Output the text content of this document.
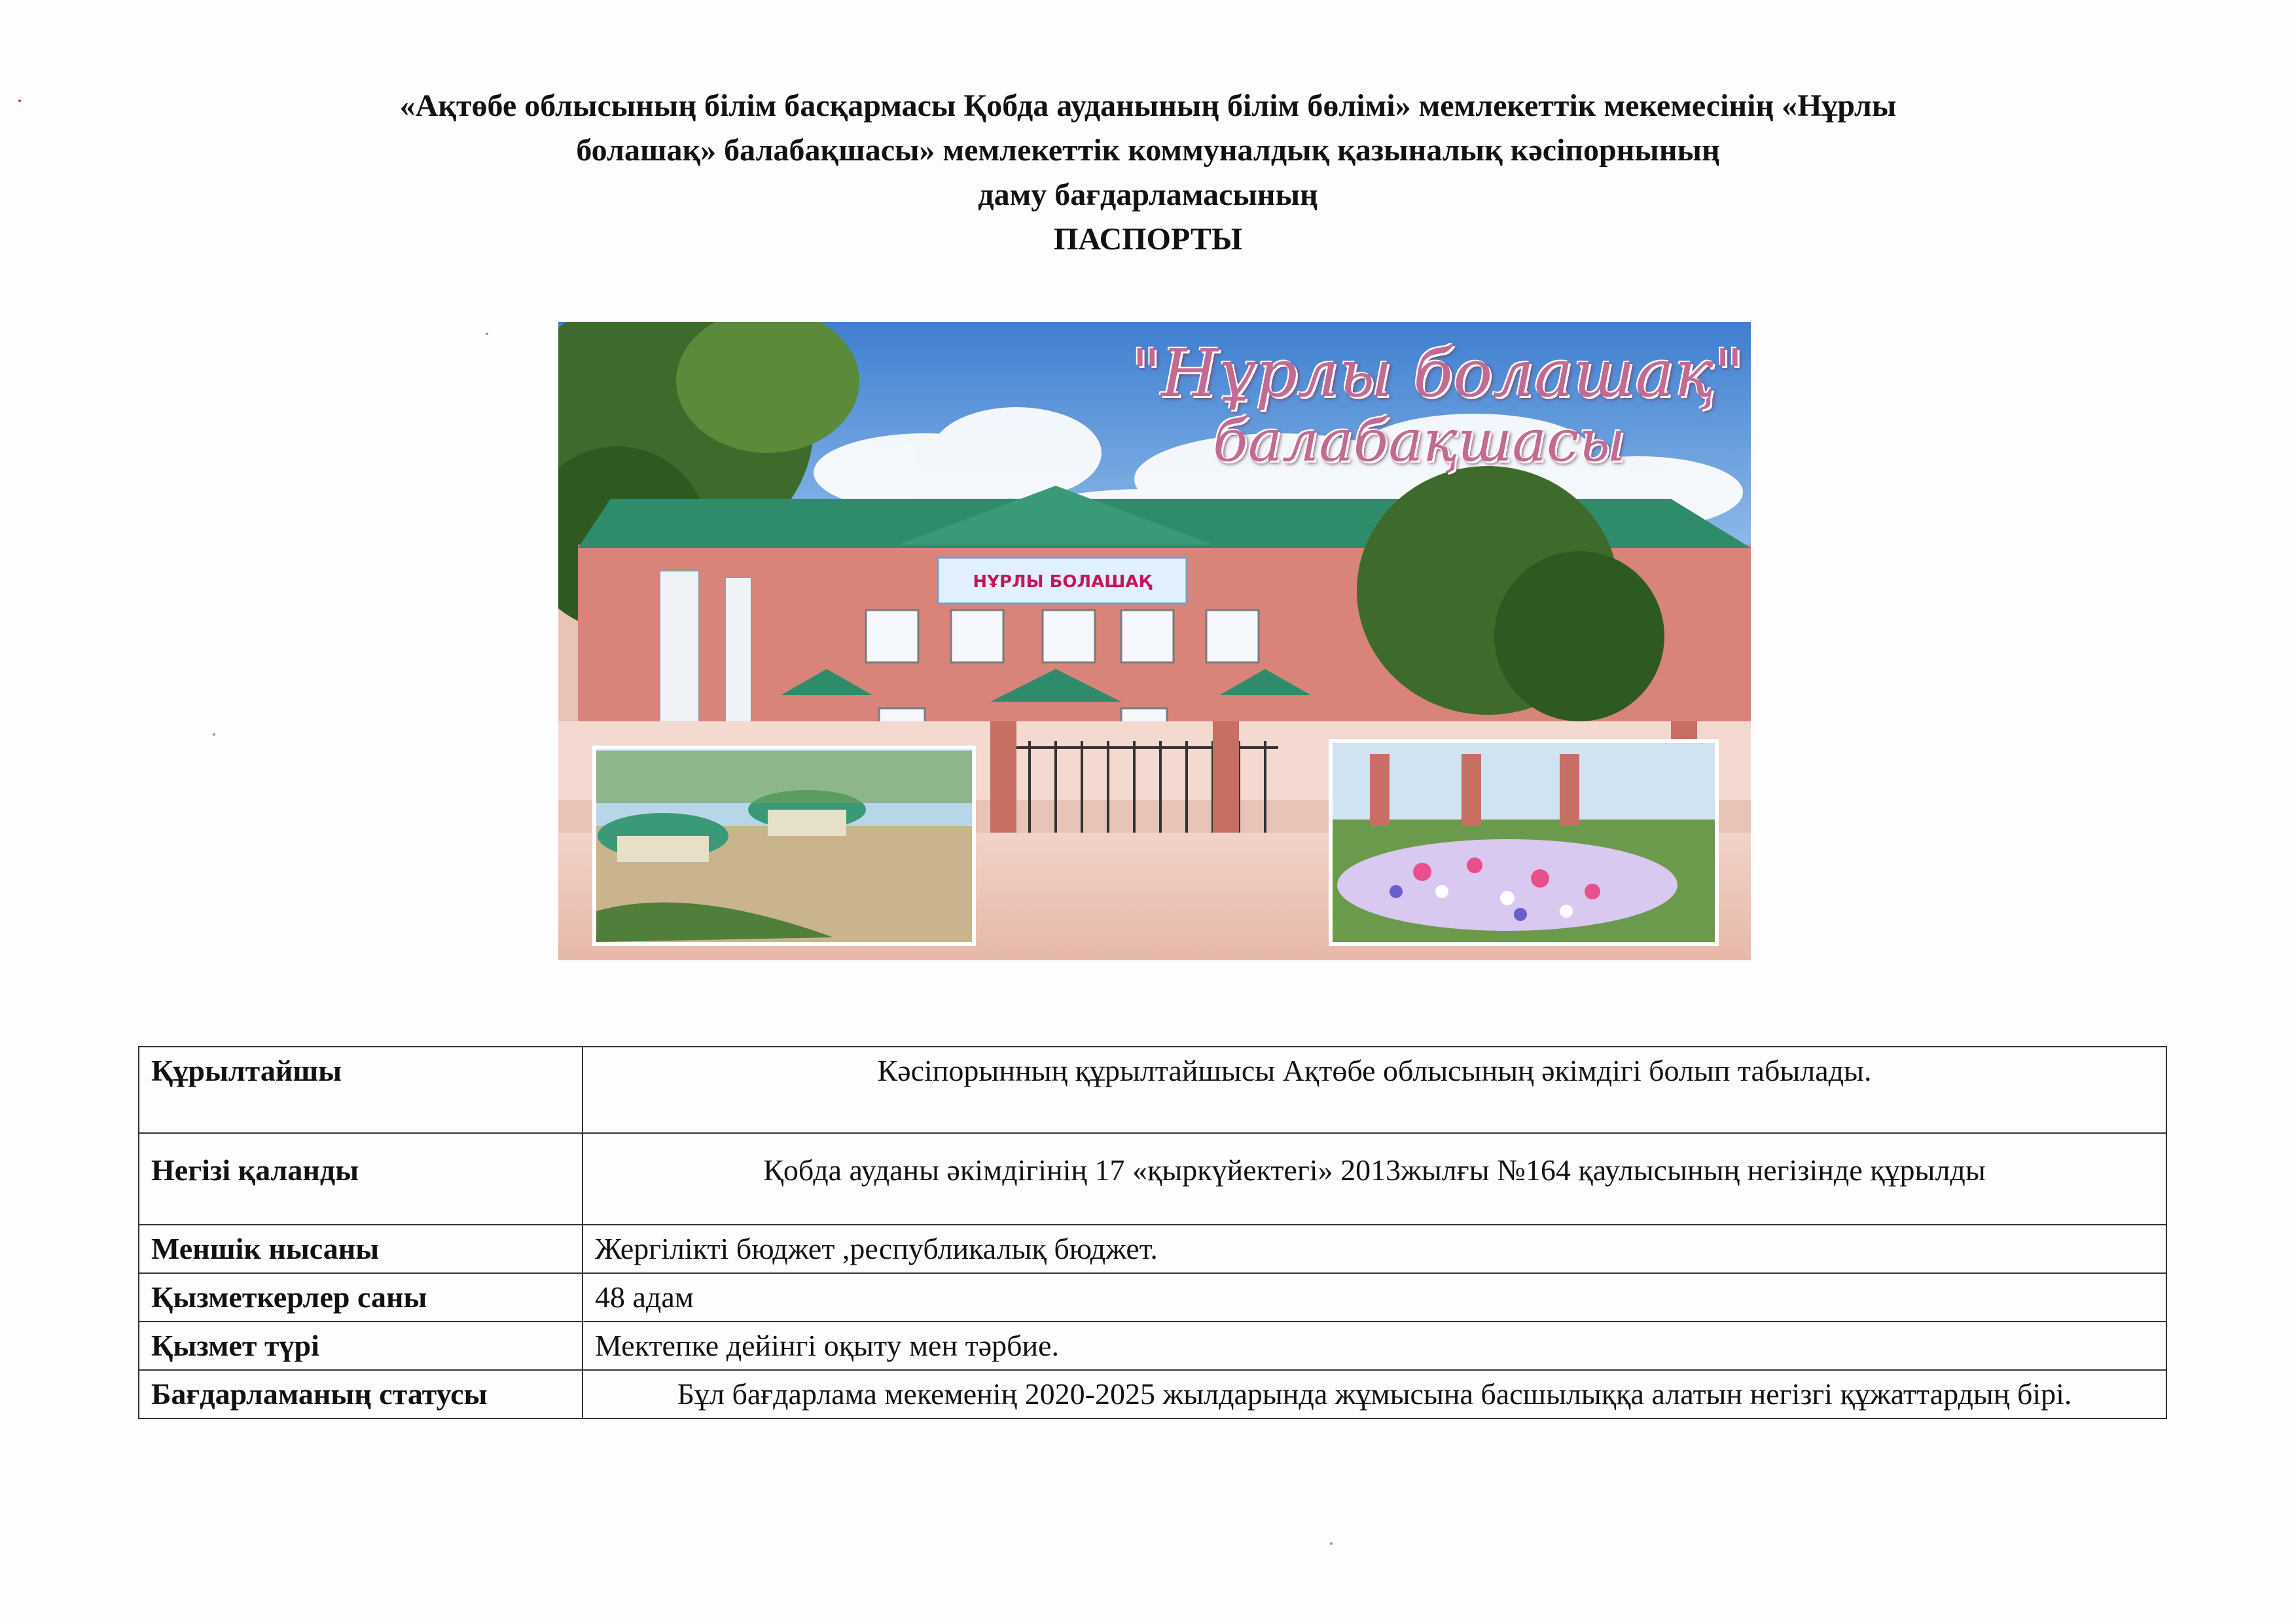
«Ақтөбе облысының білім басқармасы Қобда ауданының білім бөлімі» мемлекеттік мекемесінің «Нұрлы
болашақ» балабақшасы» мемлекеттік коммуналдық қазыналық кәсіпорнының
даму бағдарламасының
ПАСПОРТЫ
НҰРЛЫ БОЛАШАҚ
"Нұрлы болашақ"
балабақшасы
Құрылтайшы	Кәсіпорынның құрылтайшысы Ақтөбе облысының әкімдігі болып табылады.
Негізі қаланды	Қобда ауданы әкімдігінің 17 «қыркүйектегі» 2013жылғы №164 қаулысының негізінде құрылды
Меншік нысаны	Жергілікті бюджет ,республикалық бюджет.
Қызметкерлер саны	48 адам
Қызмет түрі	Мектепке дейінгі оқыту мен тәрбие.
Бағдарламаның статусы	Бұл бағдарлама мекеменің 2020-2025 жылдарында жұмысына басшылыққа алатын негізгі құжаттардың бірі.
